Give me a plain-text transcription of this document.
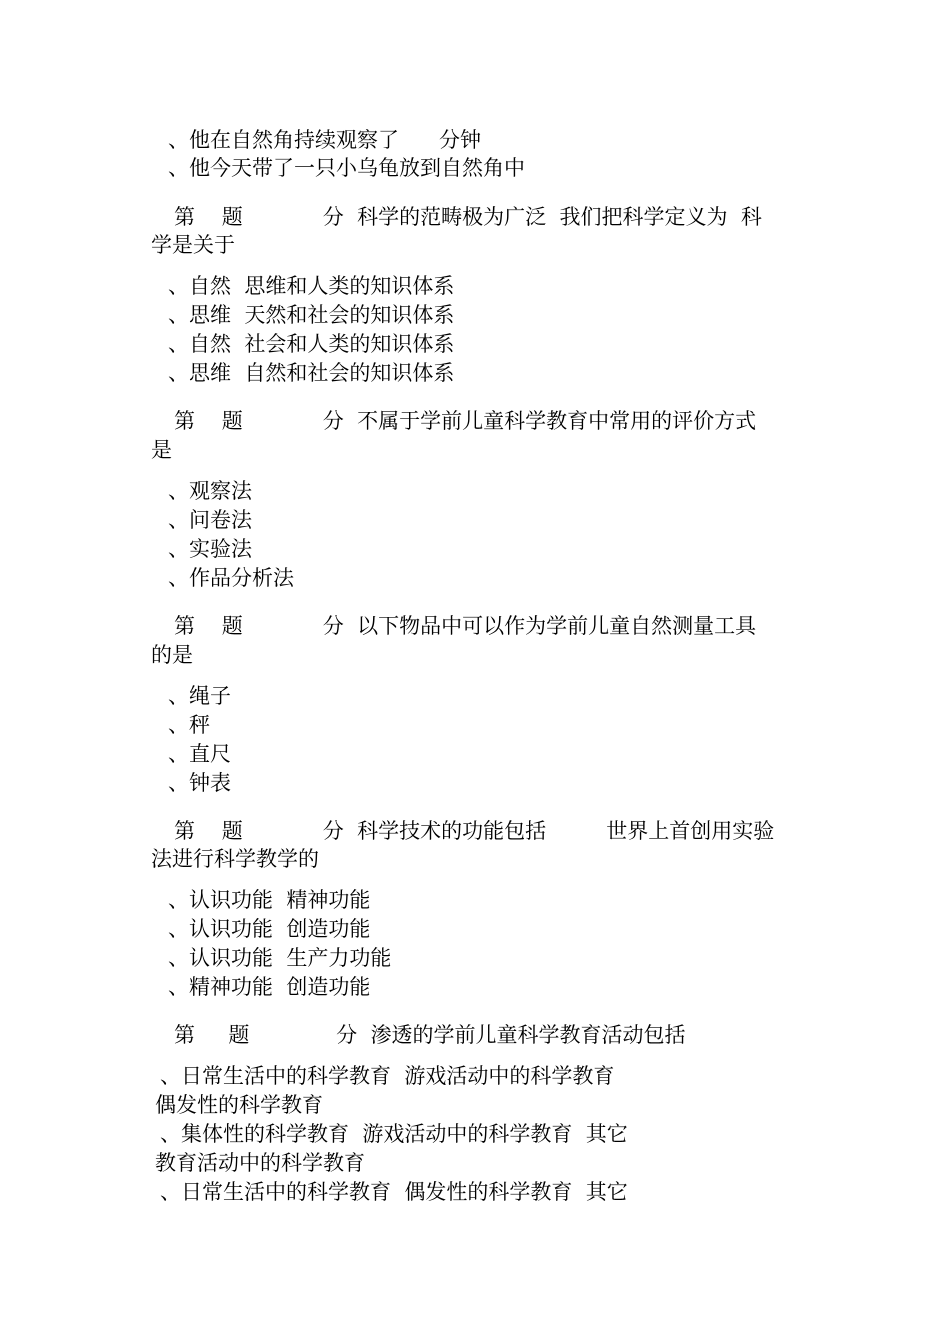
、他在自然角持续观察了      分钟

、他今天带了一只小乌龟放到自然角中

第    题            分  科学的范畴极为广泛  我们把科学定义为  科

学是关于

、自然  思维和人类的知识体系

、思维  天然和社会的知识体系

、自然  社会和人类的知识体系

、思维  自然和社会的知识体系

第    题            分  不属于学前儿童科学教育中常用的评价方式

是

、观察法

、问卷法

、实验法

、作品分析法

第    题            分  以下物品中可以作为学前儿童自然测量工具

的是

、绳子

、秤

、直尺

、钟表

第    题            分  科学技术的功能包括         世界上首创用实验

法进行科学教学的

、认识功能  精神功能

、认识功能  创造功能

、认识功能  生产力功能

、精神功能  创造功能

第     题             分  渗透的学前儿童科学教育活动包括

、日常生活中的科学教育  游戏活动中的科学教育

偶发性的科学教育

、集体性的科学教育  游戏活动中的科学教育  其它

教育活动中的科学教育

、日常生活中的科学教育  偶发性的科学教育  其它
